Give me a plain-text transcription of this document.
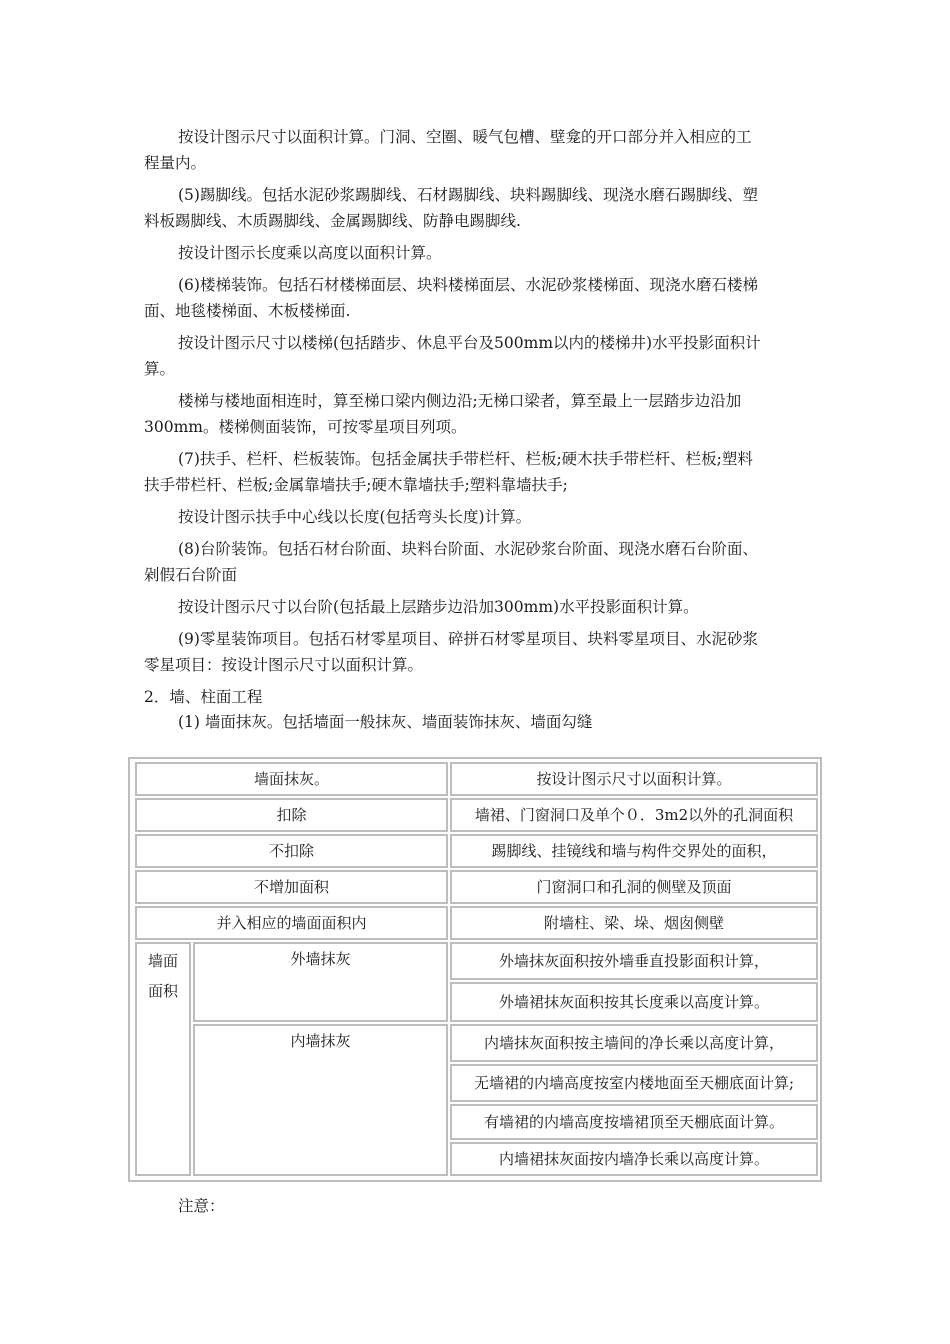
按设计图示尺寸以面积计算。门洞、空圈、暖气包槽、壁龛的开口部分并入相应的工
程量内。
(5)踢脚线。包括水泥砂浆踢脚线、石材踢脚线、块料踢脚线、现浇水磨石踢脚线、塑
料板踢脚线、木质踢脚线、金属踢脚线、防静电踢脚线.
按设计图示长度乘以高度以面积计算。
(6)楼梯装饰。包括石材楼梯面层、块料楼梯面层、水泥砂浆楼梯面、现浇水磨石楼梯
面、地毯楼梯面、木板楼梯面.
按设计图示尺寸以楼梯(包括踏步、休息平台及500mm以内的楼梯井)水平投影面积计
算。
楼梯与楼地面相连时，算至梯口梁内侧边沿;无梯口梁者，算至最上一层踏步边沿加
300mm。楼梯侧面装饰，可按零星项目列项。
(7)扶手、栏杆、栏板装饰。包括金属扶手带栏杆、栏板;硬木扶手带栏杆、栏板;塑料
扶手带栏杆、栏板;金属靠墙扶手;硬木靠墙扶手;塑料靠墙扶手;
按设计图示扶手中心线以长度(包括弯头长度)计算。
(8)台阶装饰。包括石材台阶面、块料台阶面、水泥砂浆台阶面、现浇水磨石台阶面、
剁假石台阶面
按设计图示尺寸以台阶(包括最上层踏步边沿加300mm)水平投影面积计算。
(9)零星装饰项目。包括石材零星项目、碎拼石材零星项目、块料零星项目、水泥砂浆
零星项目：按设计图示尺寸以面积计算。
2．墙、柱面工程
(1) 墙面抹灰。包括墙面一般抹灰、墙面装饰抹灰、墙面勾缝
墙面抹灰。	按设计图示尺寸以面积计算。
扣除	墙裙、门窗洞口及单个０．3m2以外的孔洞面积
不扣除	踢脚线、挂镜线和墙与构件交界处的面积，
不增加面积	门窗洞口和孔洞的侧壁及顶面
并入相应的墙面面积内	附墙柱、梁、垛、烟囱侧壁
墙面
面积
外墙抹灰	外墙抹灰面积按外墙垂直投影面积计算，
外墙裙抹灰面积按其长度乘以高度计算。
内墙抹灰	内墙抹灰面积按主墙间的净长乘以高度计算，
无墙裙的内墙高度按室内楼地面至天棚底面计算;
有墙裙的内墙高度按墙裙顶至天棚底面计算。
内墙裙抹灰面按内墙净长乘以高度计算。
注意：
